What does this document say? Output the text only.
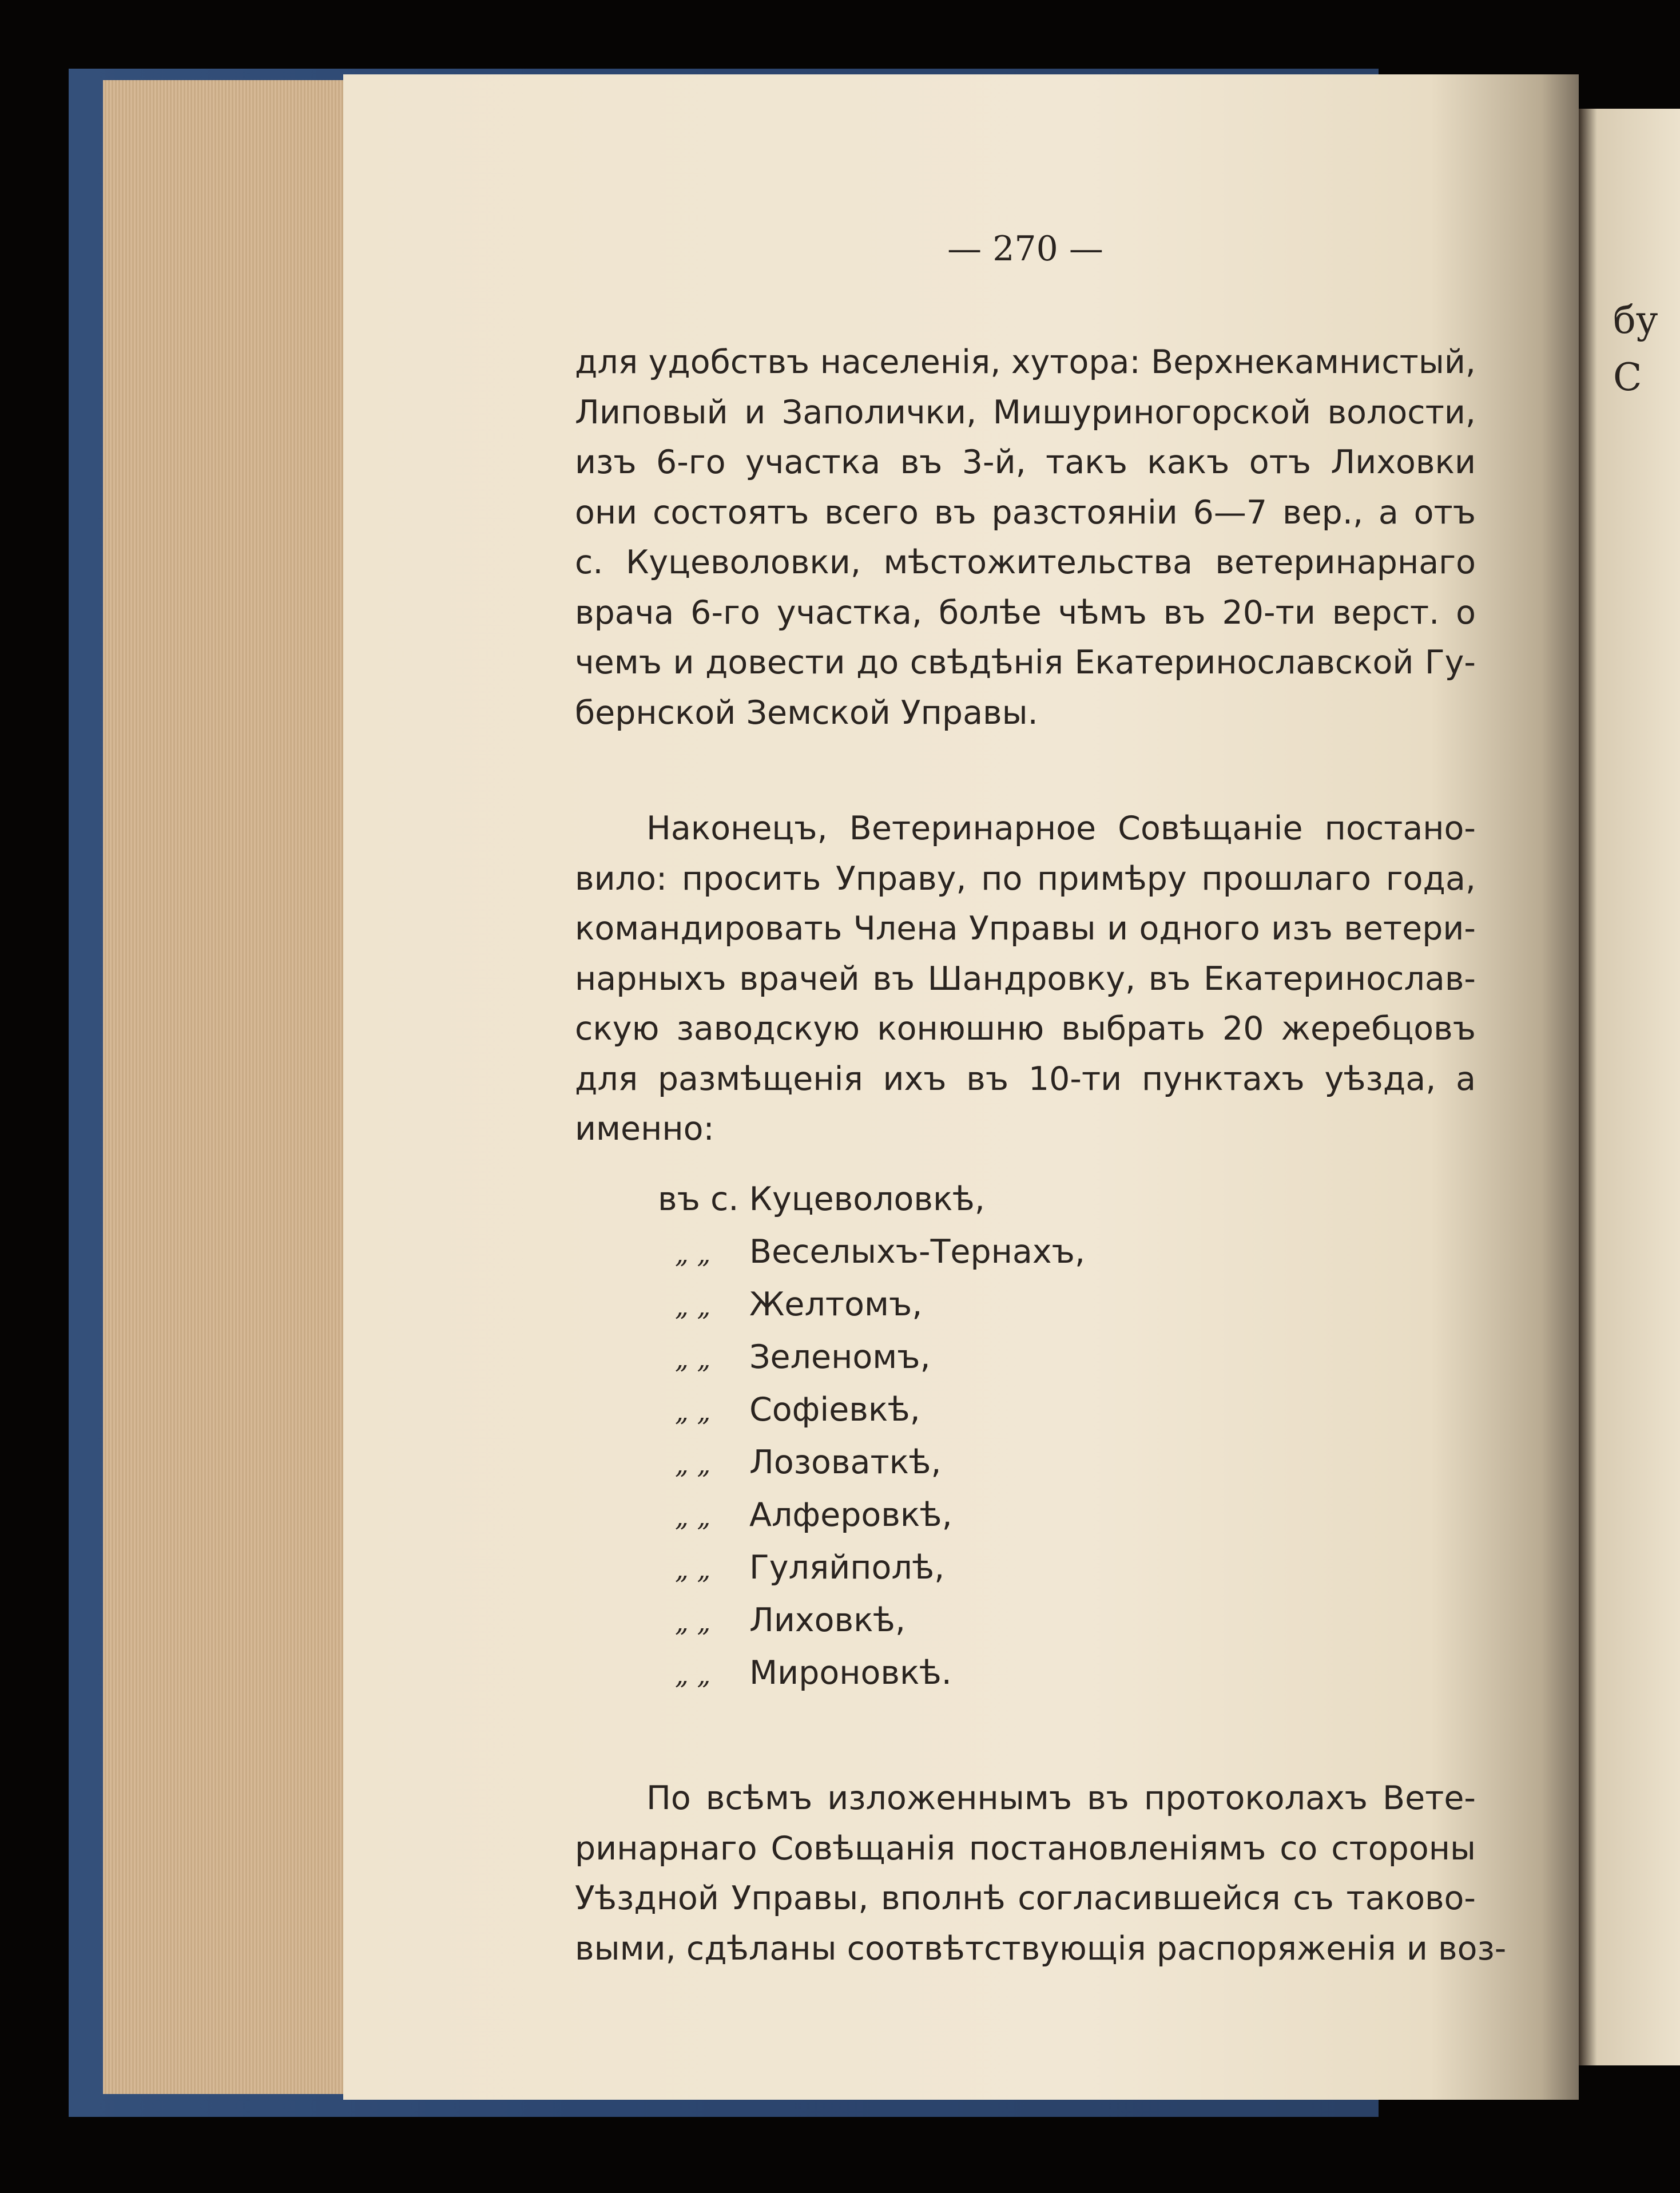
бу
С
— 270 —

для удобствъ населенія, хутора: Верхнекамнистый,
Липовый и Заполички, Мишуриногорской волости,
изъ 6-го участка въ 3-й, такъ какъ отъ Лиховки
они состоятъ всего въ разстояніи 6—7 вер., а отъ
с. Куцеволовки, мѣстожительства ветеринарнаго
врача 6-го участка, болѣе чѣмъ въ 20-ти верст. о
чемъ и довести до свѣдѣнія Екатеринославской Гу-
бернской Земской Управы.

Наконецъ, Ветеринарное Совѣщаніе постано-
вило: просить Управу, по примѣру прошлаго года,
командировать Члена Управы и одного изъ ветери-
нарныхъ врачей въ Шандровку, въ Екатеринослав-
скую заводскую конюшню выбрать 20 жеребцовъ
для размѣщенія ихъ въ 10-ти пунктахъ уѣзда, а
именно:

въ с. Куцеволовкѣ,
„ „ Веселыхъ-Тернахъ,
„ „ Желтомъ,
„ „ Зеленомъ,
„ „ Софіевкѣ,
„ „ Лозоваткѣ,
„ „ Алферовкѣ,
„ „ Гуляйполѣ,
„ „ Лиховкѣ,
„ „ Мироновкѣ.

По всѣмъ изложеннымъ въ протоколахъ Вете-
ринарнаго Совѣщанія постановленіямъ со стороны
Уѣздной Управы, вполнѣ согласившейся съ таково-
выми, сдѣланы соотвѣтствующія распоряженія и воз-
